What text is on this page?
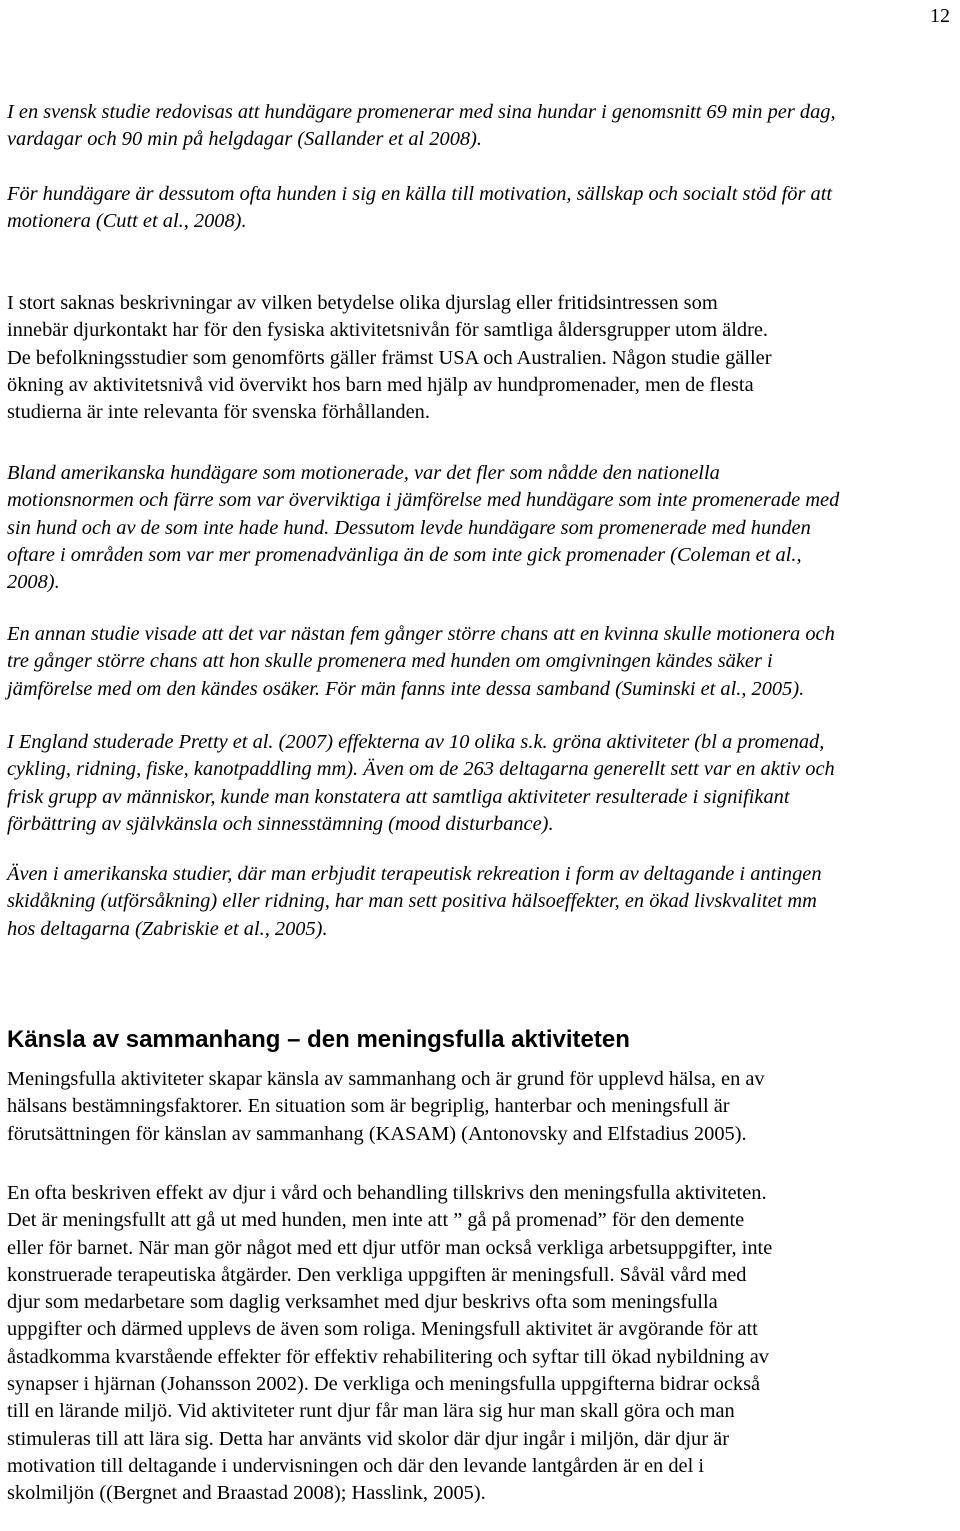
12

I en svensk studie redovisas att hundägare promenerar med sina hundar i genomsnitt 69 min per dag,
vardagar och 90 min på helgdagar (Sallander et al 2008).

För hundägare är dessutom ofta hunden i sig en källa till motivation, sällskap och socialt stöd för att
motionera (Cutt et al., 2008).

I stort saknas beskrivningar av vilken betydelse olika djurslag eller fritidsintressen som
innebär djurkontakt har för den fysiska aktivitetsnivån för samtliga åldersgrupper utom äldre.
De befolkningsstudier som genomförts gäller främst USA och Australien. Någon studie gäller
ökning av aktivitetsnivå vid övervikt hos barn med hjälp av hundpromenader, men de flesta
studierna är inte relevanta för svenska förhållanden.

Bland amerikanska hundägare som motionerade, var det fler som nådde den nationella
motionsnormen och färre som var överviktiga i jämförelse med hundägare som inte promenerade med
sin hund och av de som inte hade hund. Dessutom levde hundägare som promenerade med hunden
oftare i områden som var mer promenadvänliga än de som inte gick promenader (Coleman et al.,
2008).

En annan studie visade att det var nästan fem gånger större chans att en kvinna skulle motionera och
tre gånger större chans att hon skulle promenera med hunden om omgivningen kändes säker i
jämförelse med om den kändes osäker. För män fanns inte dessa samband (Suminski et al., 2005).

I England studerade Pretty et al. (2007) effekterna av 10 olika s.k. gröna aktiviteter (bl a promenad,
cykling, ridning, fiske, kanotpaddling mm). Även om de 263 deltagarna generellt sett var en aktiv och
frisk grupp av människor, kunde man konstatera att samtliga aktiviteter resulterade i signifikant
förbättring av självkänsla och sinnesstämning (mood disturbance).

Även i amerikanska studier, där man erbjudit terapeutisk rekreation i form av deltagande i antingen
skidåkning (utförsåkning) eller ridning, har man sett positiva hälsoeffekter, en ökad livskvalitet mm
hos deltagarna (Zabriskie et al., 2005).

Känsla av sammanhang – den meningsfulla aktiviteten

Meningsfulla aktiviteter skapar känsla av sammanhang och är grund för upplevd hälsa, en av
hälsans bestämningsfaktorer. En situation som är begriplig, hanterbar och meningsfull är
förutsättningen för känslan av sammanhang (KASAM) (Antonovsky and Elfstadius 2005).

En ofta beskriven effekt av djur i vård och behandling tillskrivs den meningsfulla aktiviteten.
Det är meningsfullt att gå ut med hunden, men inte att ” gå på promenad” för den demente
eller för barnet. När man gör något med ett djur utför man också verkliga arbetsuppgifter, inte
konstruerade terapeutiska åtgärder. Den verkliga uppgiften är meningsfull. Såväl vård med
djur som medarbetare som daglig verksamhet med djur beskrivs ofta som meningsfulla
uppgifter och därmed upplevs de även som roliga. Meningsfull aktivitet är avgörande för att
åstadkomma kvarstående effekter för effektiv rehabilitering och syftar till ökad nybildning av
synapser i hjärnan (Johansson 2002). De verkliga och meningsfulla uppgifterna bidrar också
till en lärande miljö. Vid aktiviteter runt djur får man lära sig hur man skall göra och man
stimuleras till att lära sig. Detta har använts vid skolor där djur ingår i miljön, där djur är
motivation till deltagande i undervisningen och där den levande lantgården är en del i
skolmiljön ((Bergnet and Braastad 2008); Hasslink, 2005).
